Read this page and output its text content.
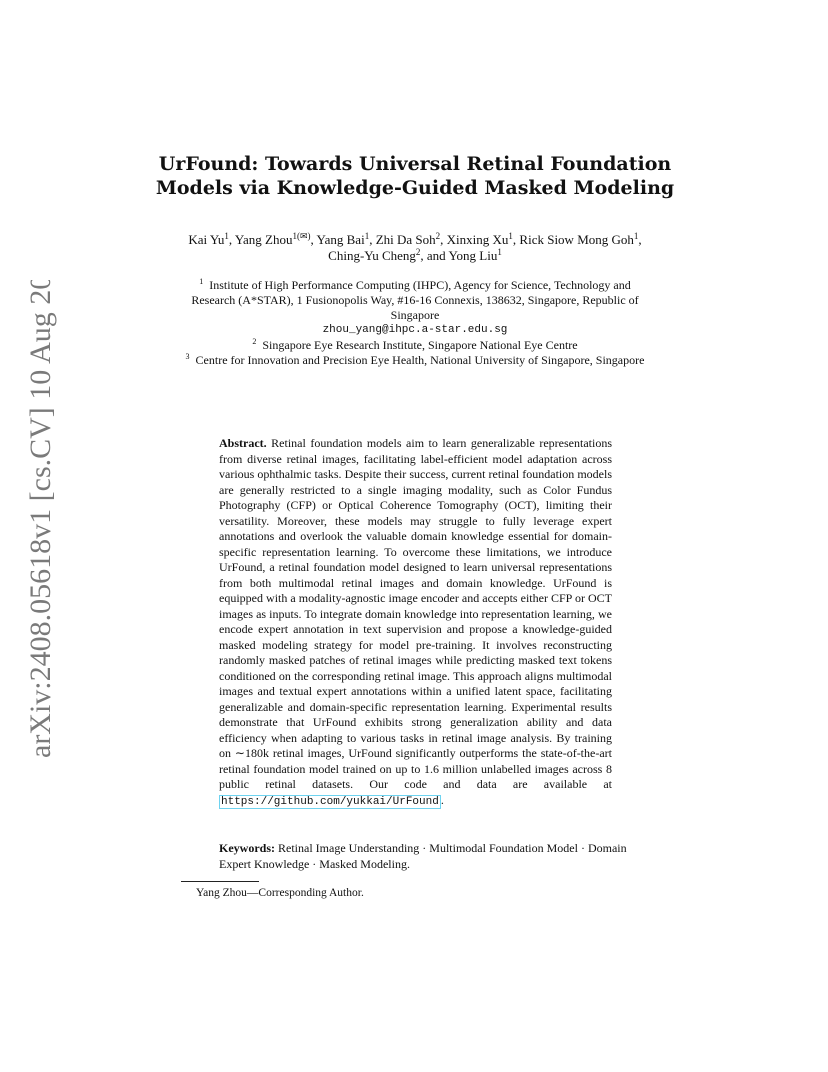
arXiv:2408.05618v1 [cs.CV] 10 Aug 2024
UrFound: Towards Universal Retinal Foundation
Models via Knowledge-Guided Masked Modeling
Kai Yu$^1$, Yang Zhou$^{1(✉)}$, Yang Bai$^1$, Zhi Da Soh$^2$, Xinxing Xu$^1$, Rick Siow Mong Goh$^1$, Ching-Yu Cheng$^2$, and Yong Liu$^1$
$^1$ Institute of High Performance Computing (IHPC), Agency for Science, Technology and Research (A*STAR), 1 Fusionopolis Way, #16-16 Connexis, 138632, Singapore, Republic of Singapore
zhou_yang@ihpc.a-star.edu.sg
$^2$ Singapore Eye Research Institute, Singapore National Eye Centre
$^3$ Centre for Innovation and Precision Eye Health, National University of Singapore, Singapore
Abstract. Retinal foundation models aim to learn generalizable representations from diverse retinal images, facilitating label-efficient model adaptation across various ophthalmic tasks. Despite their success, current retinal foundation models are generally restricted to a single imaging modality, such as Color Fundus Photography (CFP) or Optical Coherence Tomography (OCT), limiting their versatility. Moreover, these models may struggle to fully leverage expert annotations and overlook the valuable domain knowledge essential for domain-specific representation learning. To overcome these limitations, we introduce UrFound, a retinal foundation model designed to learn universal representations from both multimodal retinal images and domain knowledge. UrFound is equipped with a modality-agnostic image encoder and accepts either CFP or OCT images as inputs. To integrate domain knowledge into representation learning, we encode expert annotation in text supervision and propose a knowledge-guided masked modeling strategy for model pre-training. It involves reconstructing randomly masked patches of retinal images while predicting masked text tokens conditioned on the corresponding retinal image. This approach aligns multimodal images and textual expert annotations within a unified latent space, facilitating generalizable and domain-specific representation learning. Experimental results demonstrate that UrFound exhibits strong generalization ability and data efficiency when adapting to various tasks in retinal image analysis. By training on ∼180k retinal images, UrFound significantly outperforms the state-of-the-art retinal foundation model trained on up to 1.6 million unlabelled images across 8 public retinal datasets. Our code and data are available at https://github.com/yukkai/UrFound .
Keywords: Retinal Image Understanding · Multimodal Foundation Model · Domain Expert Knowledge · Masked Modeling.
Yang Zhou—Corresponding Author.
